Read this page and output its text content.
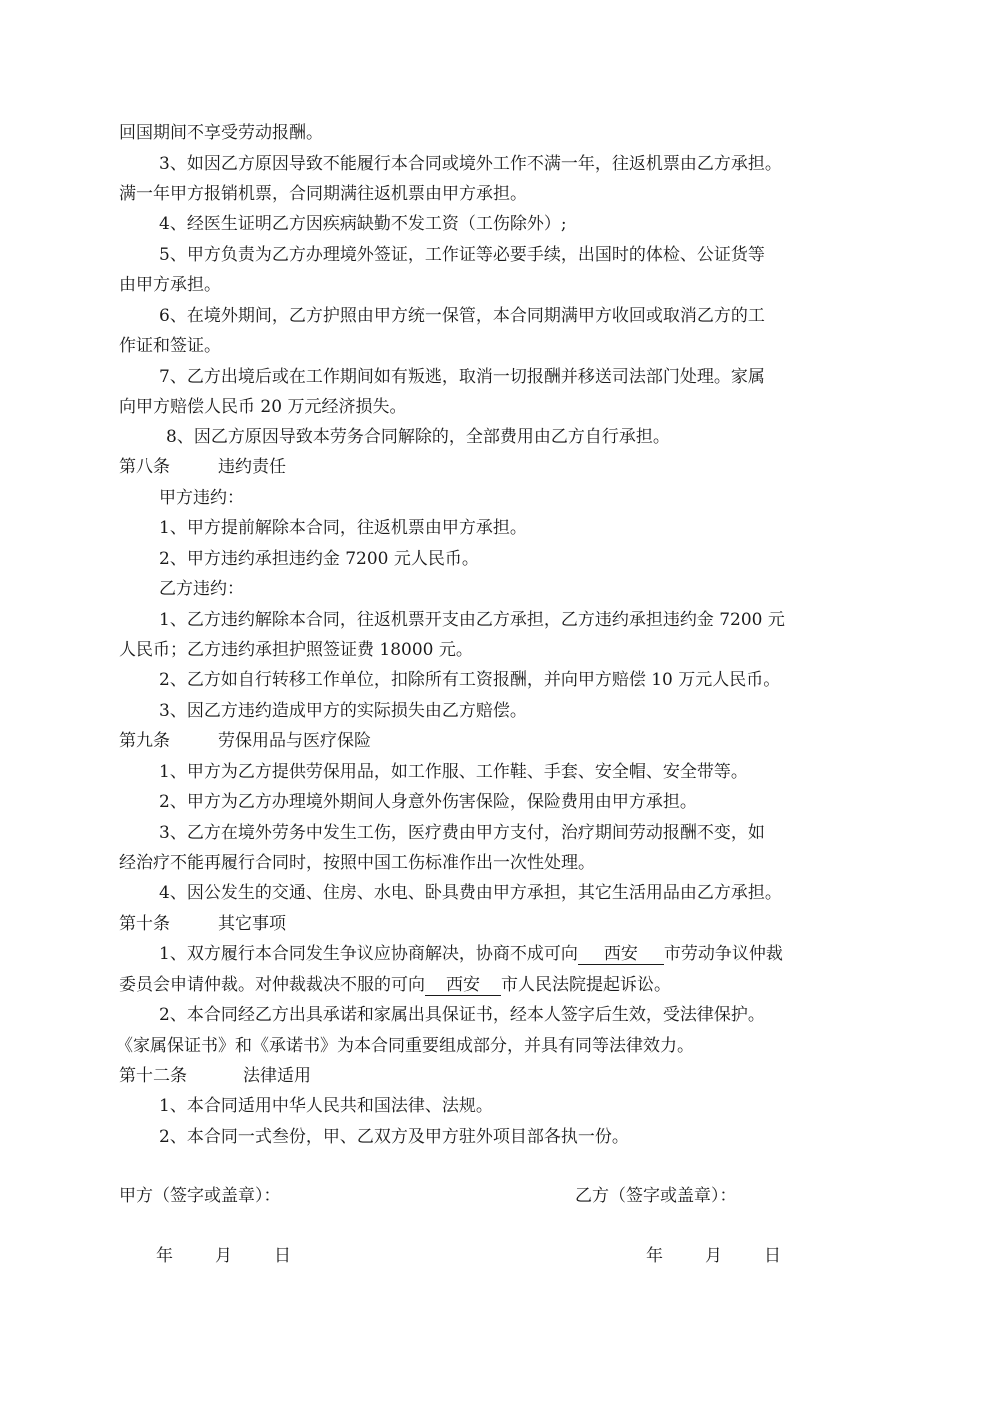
回国期间不享受劳动报酬。
3、如因乙方原因导致不能履行本合同或境外工作不满一年，往返机票由乙方承担。
满一年甲方报销机票，合同期满往返机票由甲方承担。
4、经医生证明乙方因疾病缺勤不发工资（工伤除外）;
5、甲方负责为乙方办理境外签证，工作证等必要手续，出国时的体检、公证货等
由甲方承担。
6、在境外期间，乙方护照由甲方统一保管，本合同期满甲方收回或取消乙方的工
作证和签证。
7、乙方出境后或在工作期间如有叛逃，取消一切报酬并移送司法部门处理。家属
向甲方赔偿人民币 20 万元经济损失。
8、因乙方原因导致本劳务合同解除的，全部费用由乙方自行承担。
第八条	违约责任
甲方违约：
1、甲方提前解除本合同，往返机票由甲方承担。
2、甲方违约承担违约金 7200 元人民币。
乙方违约：
1、乙方违约解除本合同，往返机票开支由乙方承担，乙方违约承担违约金 7200 元
人民币；乙方违约承担护照签证费 18000 元。
2、乙方如自行转移工作单位，扣除所有工资报酬，并向甲方赔偿 10 万元人民币。
3、因乙方违约造成甲方的实际损失由乙方赔偿。
第九条	劳保用品与医疗保险
1、甲方为乙方提供劳保用品，如工作服、工作鞋、手套、安全帽、安全带等。
2、甲方为乙方办理境外期间人身意外伤害保险，保险费用由甲方承担。
3、乙方在境外劳务中发生工伤，医疗费由甲方支付，治疗期间劳动报酬不变，如
经治疗不能再履行合同时，按照中国工伤标准作出一次性处理。
4、因公发生的交通、住房、水电、卧具费由甲方承担，其它生活用品由乙方承担。
第十条	其它事项
1、双方履行本合同发生争议应协商解决，协商不成可向 西安 市劳动争议仲裁
委员会申请仲裁。对仲裁裁决不服的可向 西安 市人民法院提起诉讼。
2、本合同经乙方出具承诺和家属出具保证书，经本人签字后生效，受法律保护。
《家属保证书》和《承诺书》为本合同重要组成部分，并具有同等法律效力。
第十二条	法律适用
1、本合同适用中华人民共和国法律、法规。
2、本合同一式叁份，甲、乙双方及甲方驻外项目部各执一份。
甲方（签字或盖章）：	乙方（签字或盖章）：
年 月 日	年 月 日
